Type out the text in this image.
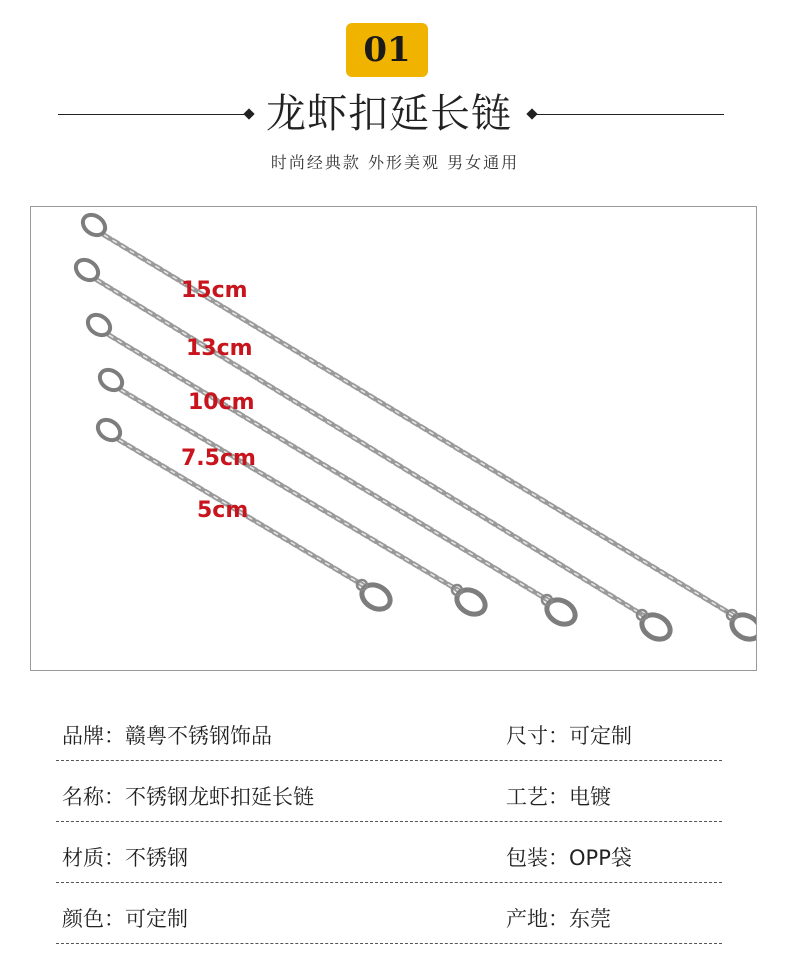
01
龙虾扣延长链
时尚经典款 外形美观 男女通用
15cm
13cm
10cm
7.5cm
5cm
品牌：赣粤不锈钢饰品	尺寸：可定制
名称：不锈钢龙虾扣延长链	工艺：电镀
材质：不锈钢	包装：OPP袋
颜色：可定制	产地：东莞
